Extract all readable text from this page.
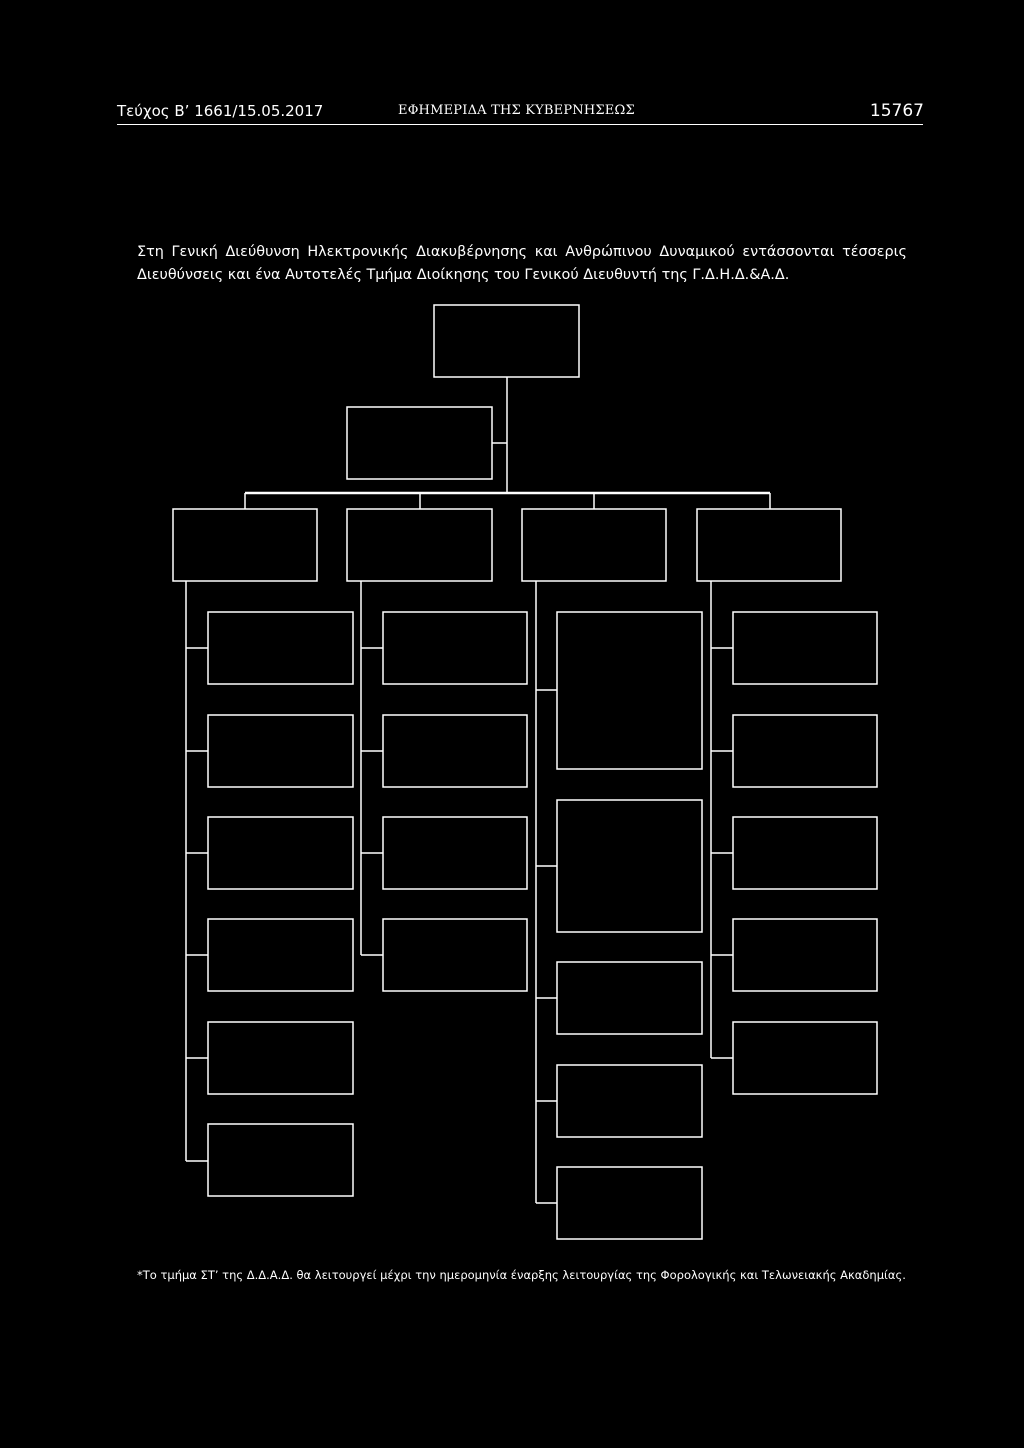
Τεύχος Β’ 1661/15.05.2017	ΕΦΗΜΕΡΙΔΑ ΤΗΣ ΚΥΒΕΡΝΗΣΕΩΣ	15767

Στη Γενική Διεύθυνση Ηλεκτρονικής Διακυβέρνησης και Ανθρώπινου Δυναμικού εντάσσονται τέσσερις

Διευθύνσεις και ένα Αυτοτελές Τμήμα Διοίκησης του Γενικού Διευθυντή της Γ.Δ.Η.Δ.&Α.Δ.

*Το τμήμα ΣΤ’ της Δ.Δ.Α.Δ. θα λειτουργεί μέχρι την ημερομηνία έναρξης λειτουργίας της Φορολογικής και Τελωνειακής Ακαδημίας.
